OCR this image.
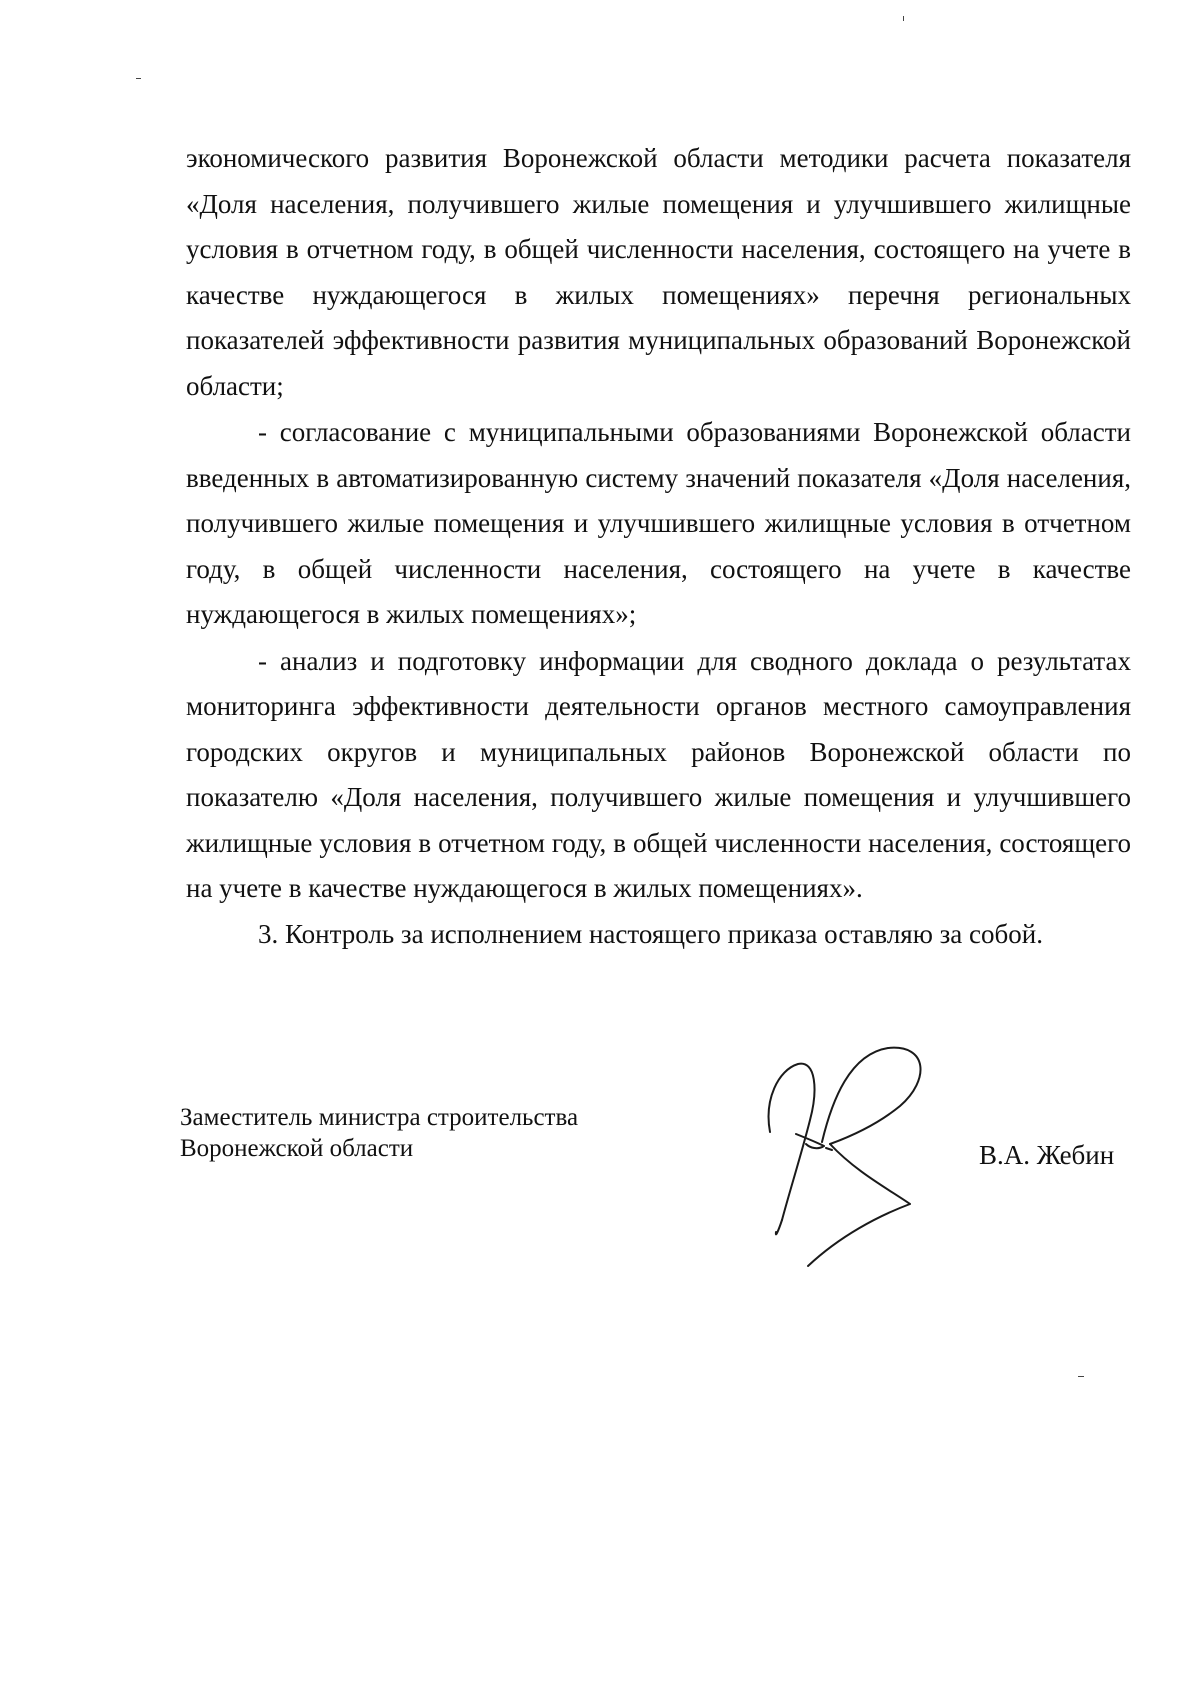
экономического развития Воронежской области методики расчета показателя «Доля населения, получившего жилые помещения и улучшившего жилищные условия в отчетном году, в общей численности населения, состоящего на учете в качестве нуждающегося в жилых помещениях» перечня региональных показателей эффективности развития муниципальных образований Воронежской области;

- согласование с муниципальными образованиями Воронежской области введенных в автоматизированную систему значений показателя «Доля населения, получившего жилые помещения и улучшившего жилищные условия в отчетном году, в общей численности населения, состоящего на учете в качестве нуждающегося в жилых помещениях»;

- анализ и подготовку информации для сводного доклада о результатах мониторинга эффективности деятельности органов местного самоуправления городских округов и муниципальных районов Воронежской области по показателю «Доля населения, получившего жилые помещения и улучшившего жилищные условия в отчетном году, в общей численности населения, состоящего на учете в качестве нуждающегося в жилых помещениях».

3. Контроль за исполнением настоящего приказа оставляю за собой.

Заместитель министра строительства
Воронежской области	В.А. Жебин
